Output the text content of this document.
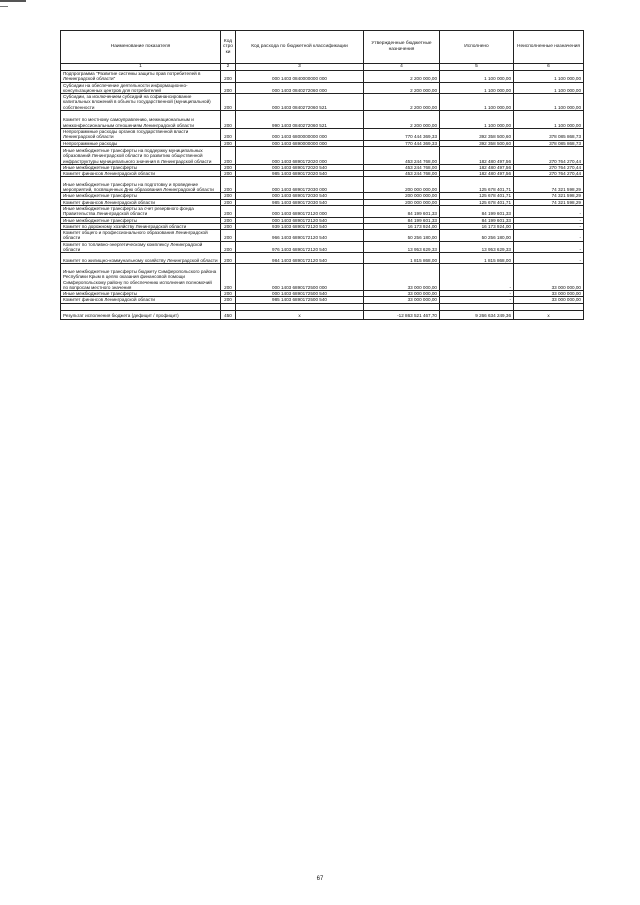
Наименование показателя	Код стро ки	Код расхода по бюджетной классификации	Утвержденные бюджетные назначения	Исполнено	Неисполненные назначения
1	2	3	4	5	6
Подпрограмма "Развитие системы защиты прав потребителей в Ленинградской области"	200	000 1403 0840000000 000	2 200 000,00	1 100 000,00	1 100 000,00
Субсидии на обеспечение деятельности информационно-консультационных центров для потребителей	200	000 1403 0840272060 000	2 200 000,00	1 100 000,00	1 100 000,00
Субсидии, за исключением субсидий на софинансирование капитальных вложений в объекты государственной (муниципальной) собственности	200	000 1403 0840272060 521	2 200 000,00	1 100 000,00	1 100 000,00
Комитет по местному самоуправлению, межнациональным и межконфессиональным отношениям Ленинградской области	200	990 1403 0840272060 521	2 200 000,00	1 100 000,00	1 100 000,00
Непрограммные расходы органов государственной власти Ленинградской области	200	000 1403 6800000000 000	770 444 369,33	392 358 500,60	378 085 868,73
Непрограммные расходы	200	000 1403 6890000000 000	770 444 369,33	392 358 500,60	378 085 868,73
Иные межбюджетные трансферты на поддержку муниципальных образований Ленинградской области по развитию общественной инфраструктуры муниципального значения в Ленинградской области	200	000 1403 6890172020 000	453 244 768,00	182 480 497,56	270 764 270,44
Иные межбюджетные трансферты	200	000 1403 6890172020 540	453 244 768,00	182 480 497,56	270 764 270,44
Комитет финансов Ленинградской области	200	985 1403 6890172020 540	453 244 768,00	182 480 497,56	270 764 270,44
Иные межбюджетные трансферты на подготовку и проведение мероприятий, посвященных Дню образования Ленинградской области	200	000 1403 6890172030 000	200 000 000,00	125 678 401,71	74 321 598,29
Иные межбюджетные трансферты	200	000 1403 6890172030 540	200 000 000,00	125 678 401,71	74 321 598,29
Комитет финансов Ленинградской области	200	985 1403 6890172030 540	200 000 000,00	125 678 401,71	74 321 598,29
Иные межбюджетные трансферты за счет резервного фонда Правительства Ленинградской области	200	000 1403 6890172120 000	84 199 601,33	84 199 601,33	-
Иные межбюджетные трансферты	200	000 1403 6890172120 540	84 199 601,33	84 199 601,33	-
Комитет по дорожному хозяйству Ленинградской области	200	939 1403 6890172120 540	16 173 924,00	16 173 924,00	-
Комитет общего и профессионального образования Ленинградской области	200	966 1403 6890172120 540	50 256 180,00	50 256 180,00	-
Комитет по топливно-энергетическому комплексу Ленинградской области	200	976 1403 6890172120 540	13 953 629,33	13 953 629,33	-
Комитет по жилищно-коммунальному хозяйству Ленинградской области	200	984 1403 6890172120 540	1 815 868,00	1 815 868,00	-
Иные межбюджетные трансферты бюджету Симферопольского района Республики Крым в целях оказания финансовой помощи Симферопольскому району по обеспечению исполнения полномочий по вопросам местного значения	200	000 1403 6890172500 000	33 000 000,00	-	33 000 000,00
Иные межбюджетные трансферты	200	000 1403 6890172500 540	33 000 000,00	-	33 000 000,00
Комитет финансов Ленинградской области	200	985 1403 6890172500 540	33 000 000,00	-	33 000 000,00

Результат исполнения бюджета (дефицит / профицит)	450	х	-12 863 521 467,70	9 266 634 249,36	х
67
